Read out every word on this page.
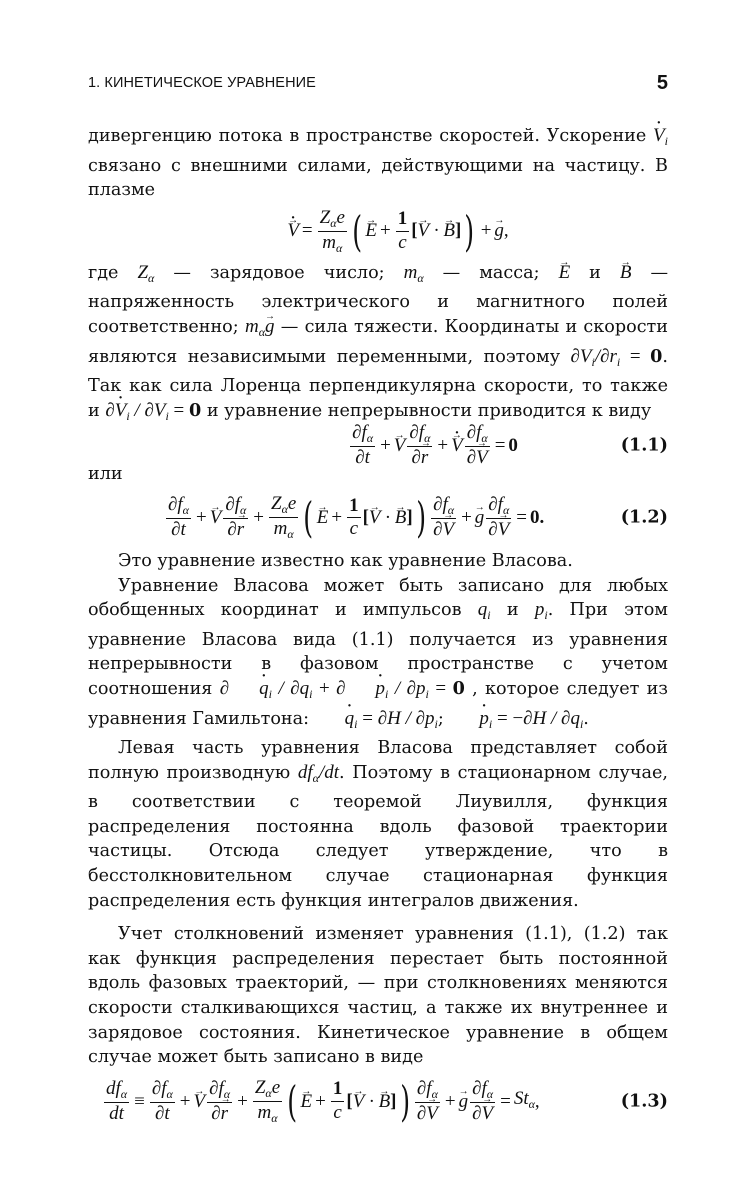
1. КИНЕТИЧЕСКОЕ УРАВНЕНИЕ	5

дивергенцию потока в пространстве скоростей. Ускорение $V \cdot_i$ связано с внешними силами, действующими на частицу. В плазме

→ V · = $\frac{Z_\alpha e}{m_\alpha}$ ( → $E + \frac{1}{c}$ [→ V · → B] ) + → g ,

где $Z_\alpha$ — зарядовое число; $m_\alpha$ — масса; → E и → B — напряженность электрического и магнитного полей соответственно; $m_\alpha\to g$ — сила тяжести. Координаты и скорости являются независимыми переменными, поэтому $\partial V_i/\partial r_i = 0$. Так как сила Лоренца перпендикулярна скорости, то также и $\partial V \cdot_i / \partial V_i = 0$ и уравнение непрерывности приводится к виду

$\frac{\partial f_\alpha}{\partial t}$ + → V $\frac{\partial f_\alpha}{\partial\to r}$ + → $V \cdot \frac{\partial f_\alpha}{\partial\to V} = 0$	(1.1)

или

$\frac{\partial f_\alpha}{\partial t}$ + → V $\frac{\partial f_\alpha}{\partial\to r} + \frac{Z_\alpha e}{m_\alpha}$ ( → $E + \frac{1}{c}$ [→ V · → B] ) $\frac{\partial f_\alpha}{\partial\to V}$ + → g $\frac{\partial f_\alpha}{\partial\to V} = 0$.	(1.2)

Это уравнение известно как уравнение Власова.

Уравнение Власова может быть записано для любых обобщенных координат и импульсов $q_i$ и $p_i$. При этом уравнение Власова вида (1.1) получается из уравнения непрерывности в фазовом пространстве с учетом соотношения ∂ $q \cdot_i / \partial q_i$ + ∂ $p \cdot_i / \partial p_i = 0$ , которое следует из уравнения Гамильтона: $q \cdot_i = \partial H / \partial p_i$; $p \cdot_i = -\partial H / \partial q_i$.

Левая часть уравнения Власова представляет собой полную производную $df_\alpha/dt$. Поэтому в стационарном случае, в соответствии с теоремой Лиувилля, функция распределения постоянна вдоль фазовой траектории частицы. Отсюда следует утверждение, что в бесстолкновительном случае стационарная функция распределения есть функция интегралов движения.

Учет столкновений изменяет уравнения (1.1), (1.2) так как функция распределения перестает быть постоянной вдоль фазовых траекторий, — при столкновениях меняются скорости сталкивающихся частиц, а также их внутреннее и зарядовое состояния. Кинетическое уравнение в общем случае может быть записано в виде

$\frac{df_\alpha}{dt} \equiv \frac{\partial f_\alpha}{\partial t}$ + → V $\frac{\partial f_\alpha}{\partial\to r} + \frac{Z_\alpha e}{m_\alpha}$ ( → $E + \frac{1}{c}$ [→ V · → B] ) $\frac{\partial f_\alpha}{\partial\to V}$ + → g $\frac{\partial f_\alpha}{\partial\to V} = St_\alpha$ ,	(1.3)
